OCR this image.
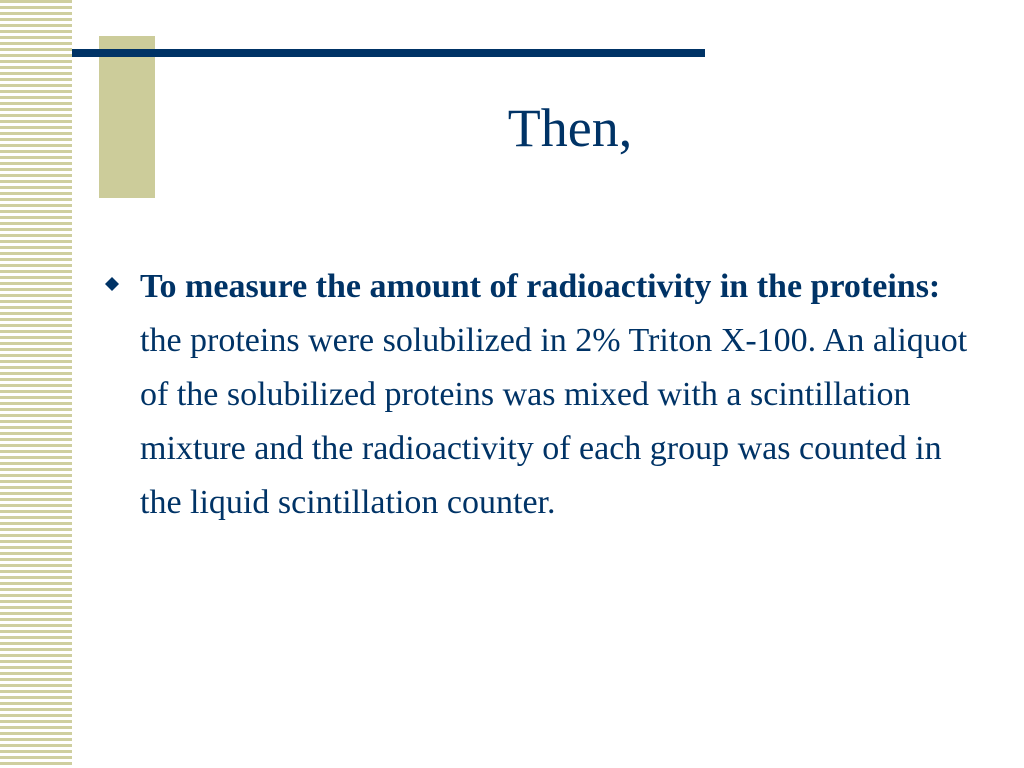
Then,
To measure the amount of radioactivity in the proteins: the proteins were solubilized in 2% Triton X-100. An aliquot of the solubilized proteins was mixed with a scintillation mixture and the radioactivity of each group was counted in the liquid scintillation counter.
